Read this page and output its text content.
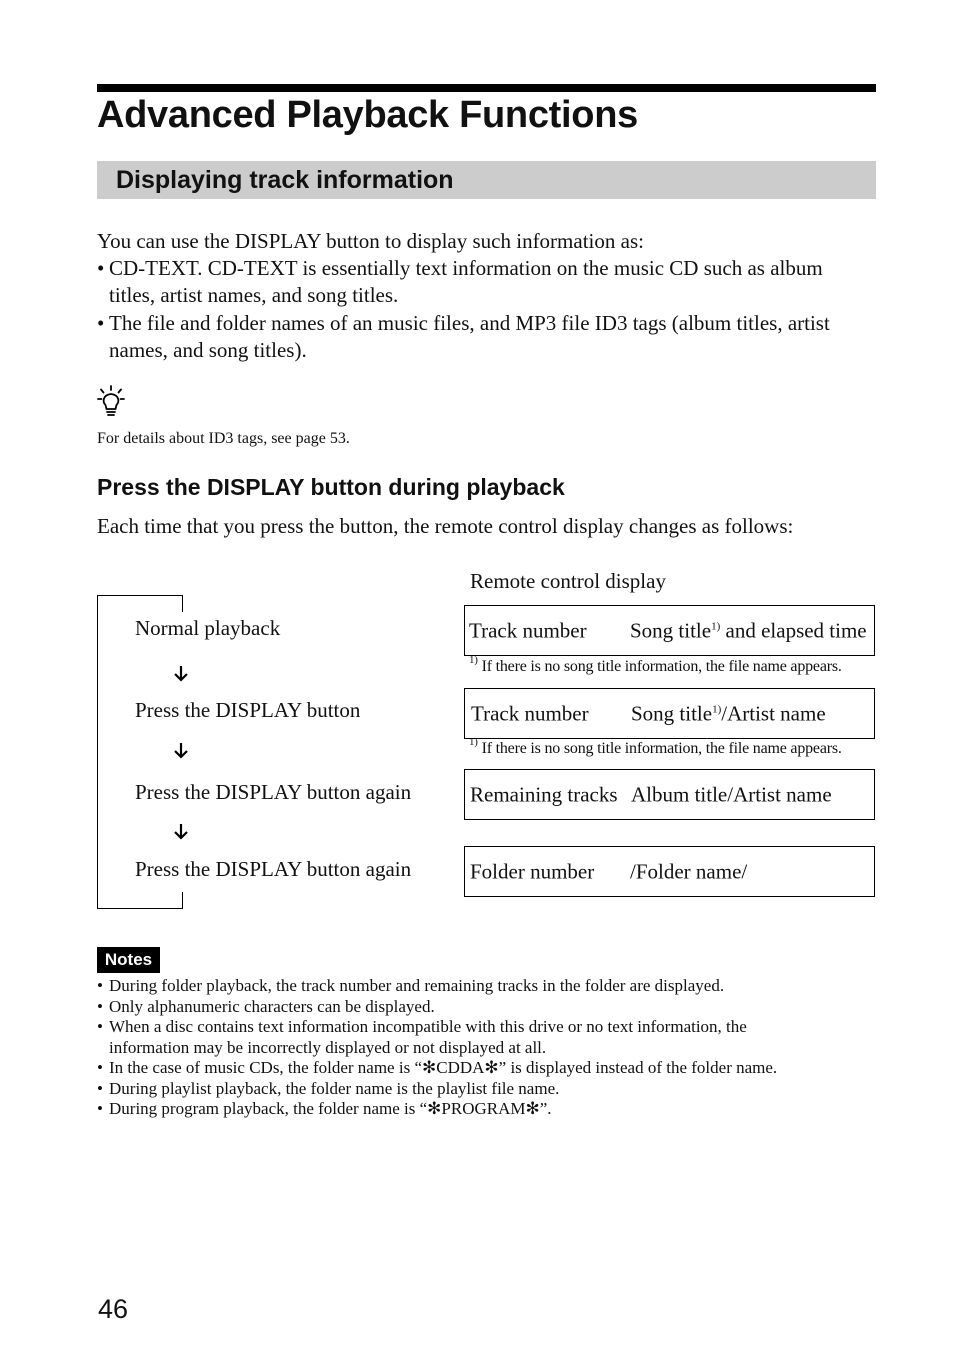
Advanced Playback Functions
Displaying track information
You can use the DISPLAY button to display such information as:
• CD-TEXT. CD-TEXT is essentially text information on the music CD such as album titles, artist names, and song titles.
• The file and folder names of an music files, and MP3 file ID3 tags (album titles, artist names, and song titles).
For details about ID3 tags, see page 53.
Press the DISPLAY button during playback
Each time that you press the button, the remote control display changes as follows:
Remote control display
Normal playback
Press the DISPLAY button
Press the DISPLAY button again
Press the DISPLAY button again
Track number Song title$^{1)}$ and elapsed time
$^{1)}$ If there is no song title information, the file name appears.
Track number Song title$^{1)}$/Artist name
$^{1)}$ If there is no song title information, the file name appears.
Remaining tracks Album title/Artist name
Folder number /Folder name/
Notes
• During folder playback, the track number and remaining tracks in the folder are displayed.
• Only alphanumeric characters can be displayed.
• When a disc contains text information incompatible with this drive or no text information, the information may be incorrectly displayed or not displayed at all.
• In the case of music CDs, the folder name is “✻CDDA✻” is displayed instead of the folder name.
• During playlist playback, the folder name is the playlist file name.
• During program playback, the folder name is “✻PROGRAM✻”.
46
